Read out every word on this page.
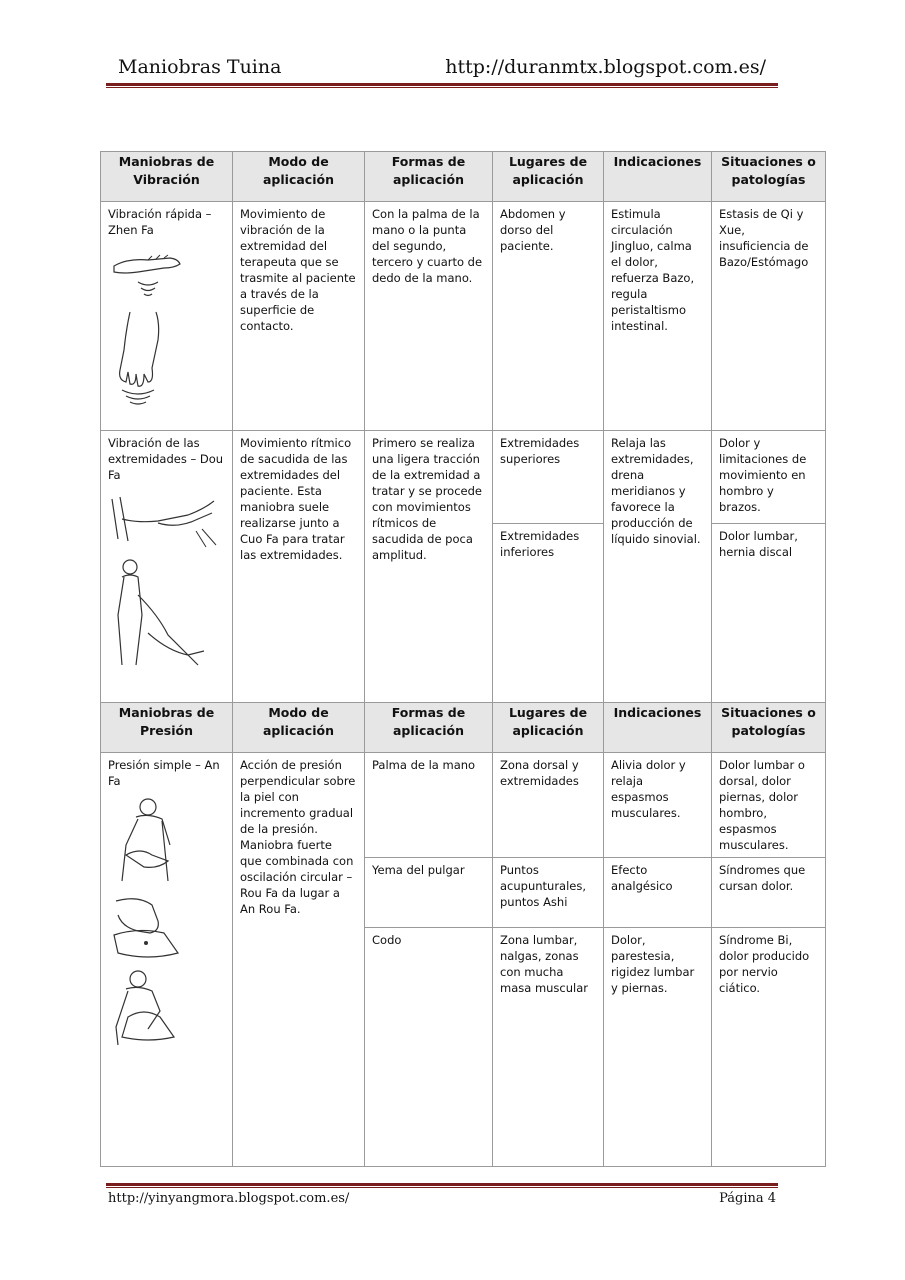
Maniobras Tuina	http://duranmtx.blogspot.com.es/
Maniobras de Vibración	Modo de aplicación	Formas de aplicación	Lugares de aplicación	Indicaciones	Situaciones o patologías

Vibración rápida – Zhen Fa	Movimiento de vibración de la extremidad del terapeuta que se trasmite al paciente a través de la superficie de contacto.	Con la palma de la mano o la punta del segundo, tercero y cuarto de dedo de la mano.	Abdomen y dorso del paciente.	Estimula circulación Jingluo, calma el dolor, refuerza Bazo, regula peristaltismo intestinal.	Estasis de Qi y Xue, insuficiencia de Bazo/Estómago

Vibración de las extremidades – Dou Fa	Movimiento rítmico de sacudida de las extremidades del paciente. Esta maniobra suele realizarse junto a Cuo Fa para tratar las extremidades.	Primero se realiza una ligera tracción de la extremidad a tratar y se procede con movimientos rítmicos de sacudida de poca amplitud.	Extremidades superiores	Relaja las extremidades, drena meridianos y favorece la producción de líquido sinovial.	Dolor y limitaciones de movimiento en hombro y brazos.
			Extremidades inferiores		Dolor lumbar, hernia discal
Maniobras de Presión	Modo de aplicación	Formas de aplicación	Lugares de aplicación	Indicaciones	Situaciones o patologías

Presión simple – An Fa	Acción de presión perpendicular sobre la piel con incremento gradual de la presión. Maniobra fuerte que combinada con oscilación circular – Rou Fa da lugar a An Rou Fa.	Palma de la mano	Zona dorsal y extremidades	Alivia dolor y relaja espasmos musculares.	Dolor lumbar o dorsal, dolor piernas, dolor hombro, espasmos musculares.
		Yema del pulgar	Puntos acupunturales, puntos Ashi	Efecto analgésico	Síndromes que cursan dolor.
		Codo	Zona lumbar, nalgas, zonas con mucha masa muscular	Dolor, parestesia, rigidez lumbar y piernas.	Síndrome Bi, dolor producido por nervio ciático.
http://yinyangmora.blogspot.com.es/	Página 4
